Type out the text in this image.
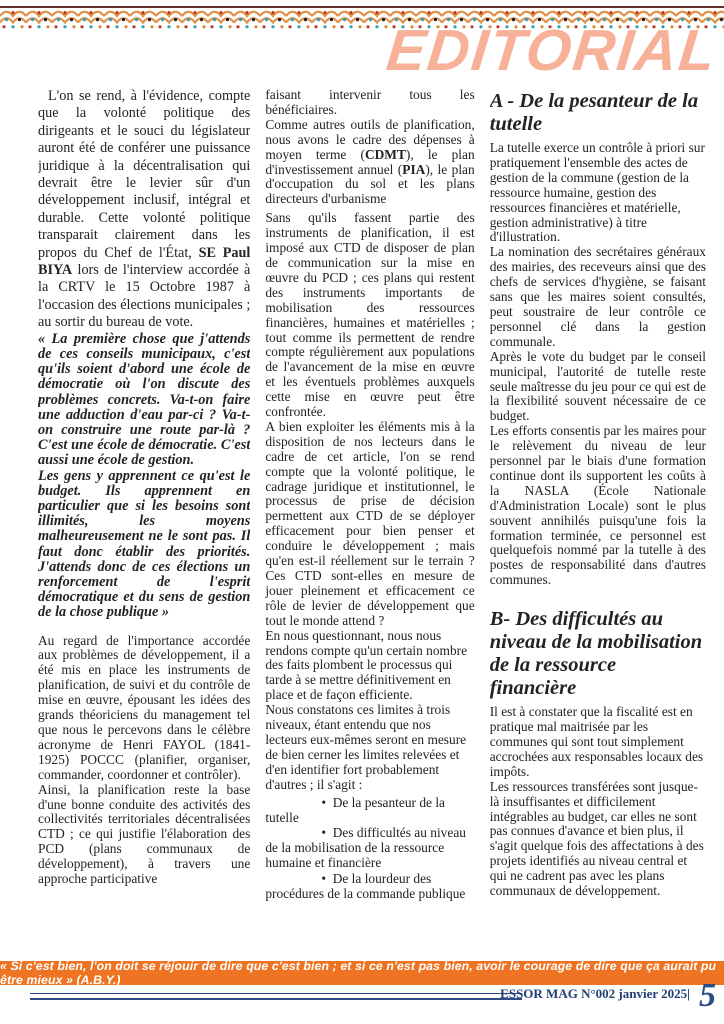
EDITORIAL

L'on se rend, à l'évidence, compte que la volonté politique des dirigeants et le souci du législateur auront été de conférer une puissance juridique à la décentralisation qui devrait être le levier sûr d'un développement inclusif, intégral et durable. Cette volonté politique transparait clairement dans les propos du Chef de l'État, SE Paul BIYA lors de l'interview accordée à la CRTV le 15 Octobre 1987 à l'occasion des élections municipales ; au sortir du bureau de vote.

« La première chose que j'attends de ces conseils municipaux, c'est qu'ils soient d'abord une école de démocratie où l'on discute des problèmes concrets. Va-t-on faire une adduction d'eau par-ci ? Va-t-on construire une route par-là ? C'est une école de démocratie. C'est aussi une école de gestion.

Les gens y apprennent ce qu'est le budget. Ils apprennent en particulier que si les besoins sont illimités, les moyens malheureusement ne le sont pas. Il faut donc établir des priorités. J'attends donc de ces élections un renforcement de l'esprit démocratique et du sens de gestion de la chose publique »

Au regard de l'importance accordée aux problèmes de développement, il a été mis en place les instruments de planification, de suivi et du contrôle de mise en œuvre, épousant les idées des grands théoriciens du management tel que nous le percevons dans le célèbre acronyme de Henri FAYOL (1841-1925) POCCC (planifier, organiser, commander, coordonner et contrôler).

Ainsi, la planification reste la base d'une bonne conduite des activités des collectivités territoriales décentralisées CTD ; ce qui justifie l'élaboration des PCD (plans communaux de développement), à travers une approche participative

faisant intervenir tous les bénéficiaires.

Comme autres outils de planification, nous avons le cadre des dépenses à moyen terme (CDMT), le plan d'investissement annuel (PIA), le plan d'occupation du sol et les plans directeurs d'urbanisme

Sans qu'ils fassent partie des instruments de planification, il est imposé aux CTD de disposer de plan de communication sur la mise en œuvre du PCD ; ces plans qui restent des instruments importants de mobilisation des ressources financières, humaines et matérielles ; tout comme ils permettent de rendre compte régulièrement aux populations de l'avancement de la mise en œuvre et les éventuels problèmes auxquels cette mise en œuvre peut être confrontée.

A bien exploiter les éléments mis à la disposition de nos lecteurs dans le cadre de cet article, l'on se rend compte que la volonté politique, le cadrage juridique et institutionnel, le processus de prise de décision permettent aux CTD de se déployer efficacement pour bien penser et conduire le développement ; mais qu'en est-il réellement sur le terrain ? Ces CTD sont-elles en mesure de jouer pleinement et efficacement ce rôle de levier de développement que tout le monde attend ?

En nous questionnant, nous nous rendons compte qu'un certain nombre des faits plombent le processus qui tarde à se mettre définitivement en place et de façon efficiente.

Nous constatons ces limites à trois niveaux, étant entendu que nos lecteurs eux-mêmes seront en mesure de bien cerner les limites relevées et d'en identifier fort probablement d'autres ; il s'agit :

• De la pesanteur de la tutelle
• Des difficultés au niveau de la mobilisation de la ressource humaine et financière
• De la lourdeur des procédures de la commande publique

A - De la pesanteur de la tutelle

La tutelle exerce un contrôle à priori sur pratiquement l'ensemble des actes de gestion de la commune (gestion de la ressource humaine, gestion des ressources financières et matérielle, gestion administrative) à titre d'illustration.

La nomination des secrétaires généraux des mairies, des receveurs ainsi que des chefs de services d'hygiène, se faisant sans que les maires soient consultés, peut soustraire de leur contrôle ce personnel clé dans la gestion communale.

Après le vote du budget par le conseil municipal, l'autorité de tutelle reste seule maîtresse du jeu pour ce qui est de la flexibilité souvent nécessaire de ce budget.

Les efforts consentis par les maires pour le relèvement du niveau de leur personnel par le biais d'une formation continue dont ils supportent les coûts à la NASLA (École Nationale d'Administration Locale) sont le plus souvent annihilés puisqu'une fois la formation terminée, ce personnel est quelquefois nommé par la tutelle à des postes de responsabilité dans d'autres communes.

B- Des difficultés au niveau de la mobilisation de la ressource financière

Il est à constater que la fiscalité est en pratique mal maitrisée par les communes qui sont tout simplement accrochées aux responsables locaux des impôts.

Les ressources transférées sont jusque-là insuffisantes et difficilement intégrables au budget, car elles ne sont pas connues d'avance et bien plus, il s'agit quelque fois des affectations à des projets identifiés au niveau central et qui ne cadrent pas avec les plans communaux de développement.

« Si c'est bien, l'on doit se réjouir de dire que c'est bien ; et si ce n'est pas bien, avoir le courage de dire que ça aurait pu être mieux » (A.B.Y.)
ESSOR MAG N°002 janvier 2025| 5
